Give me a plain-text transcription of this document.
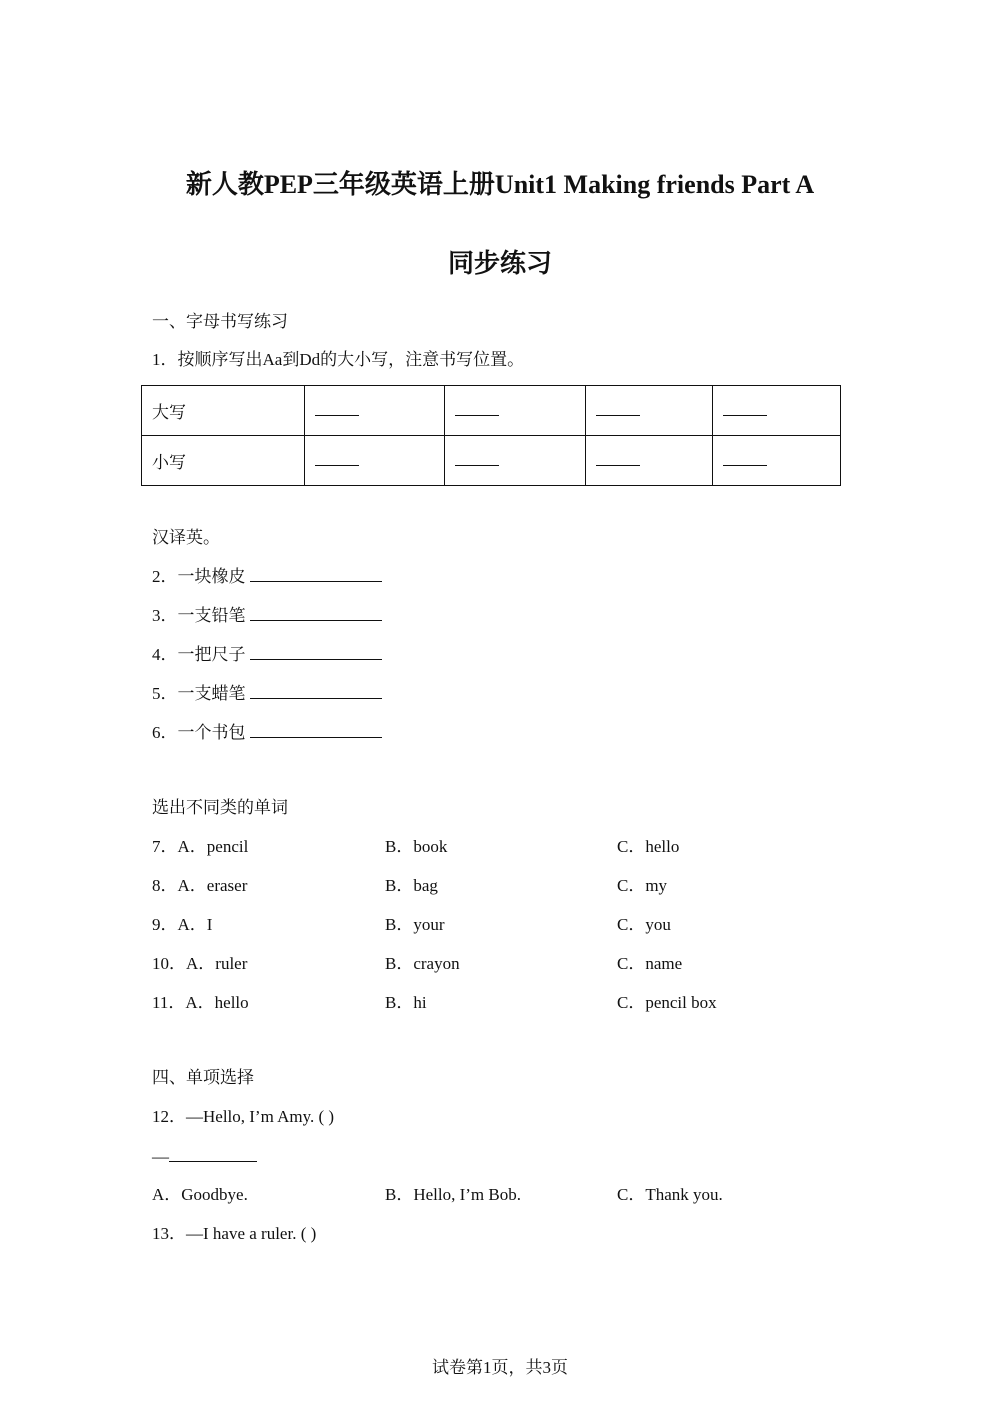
新人教PEP三年级英语上册Unit1 Making friends Part A
同步练习
一、字母书写练习
1．按顺序写出Aa到Dd的大小写，注意书写位置。
大写				
小写				
汉译英。
2．一块橡皮
3．一支铅笔
4．一把尺子
5．一支蜡笔
6．一个书包
选出不同类的单词
7．A．pencil	B．book	C．hello
8．A．eraser	B．bag	C．my
9．A．I	B．your	C．you
10．A．ruler	B．crayon	C．name
11．A．hello	B．hi	C．pencil box
四、单项选择
12．—Hello, I’m Amy. ( )
—
A．Goodbye.	B．Hello, I’m Bob.	C．Thank you.
13．—I have a ruler. ( )
试卷第1页，共3页
